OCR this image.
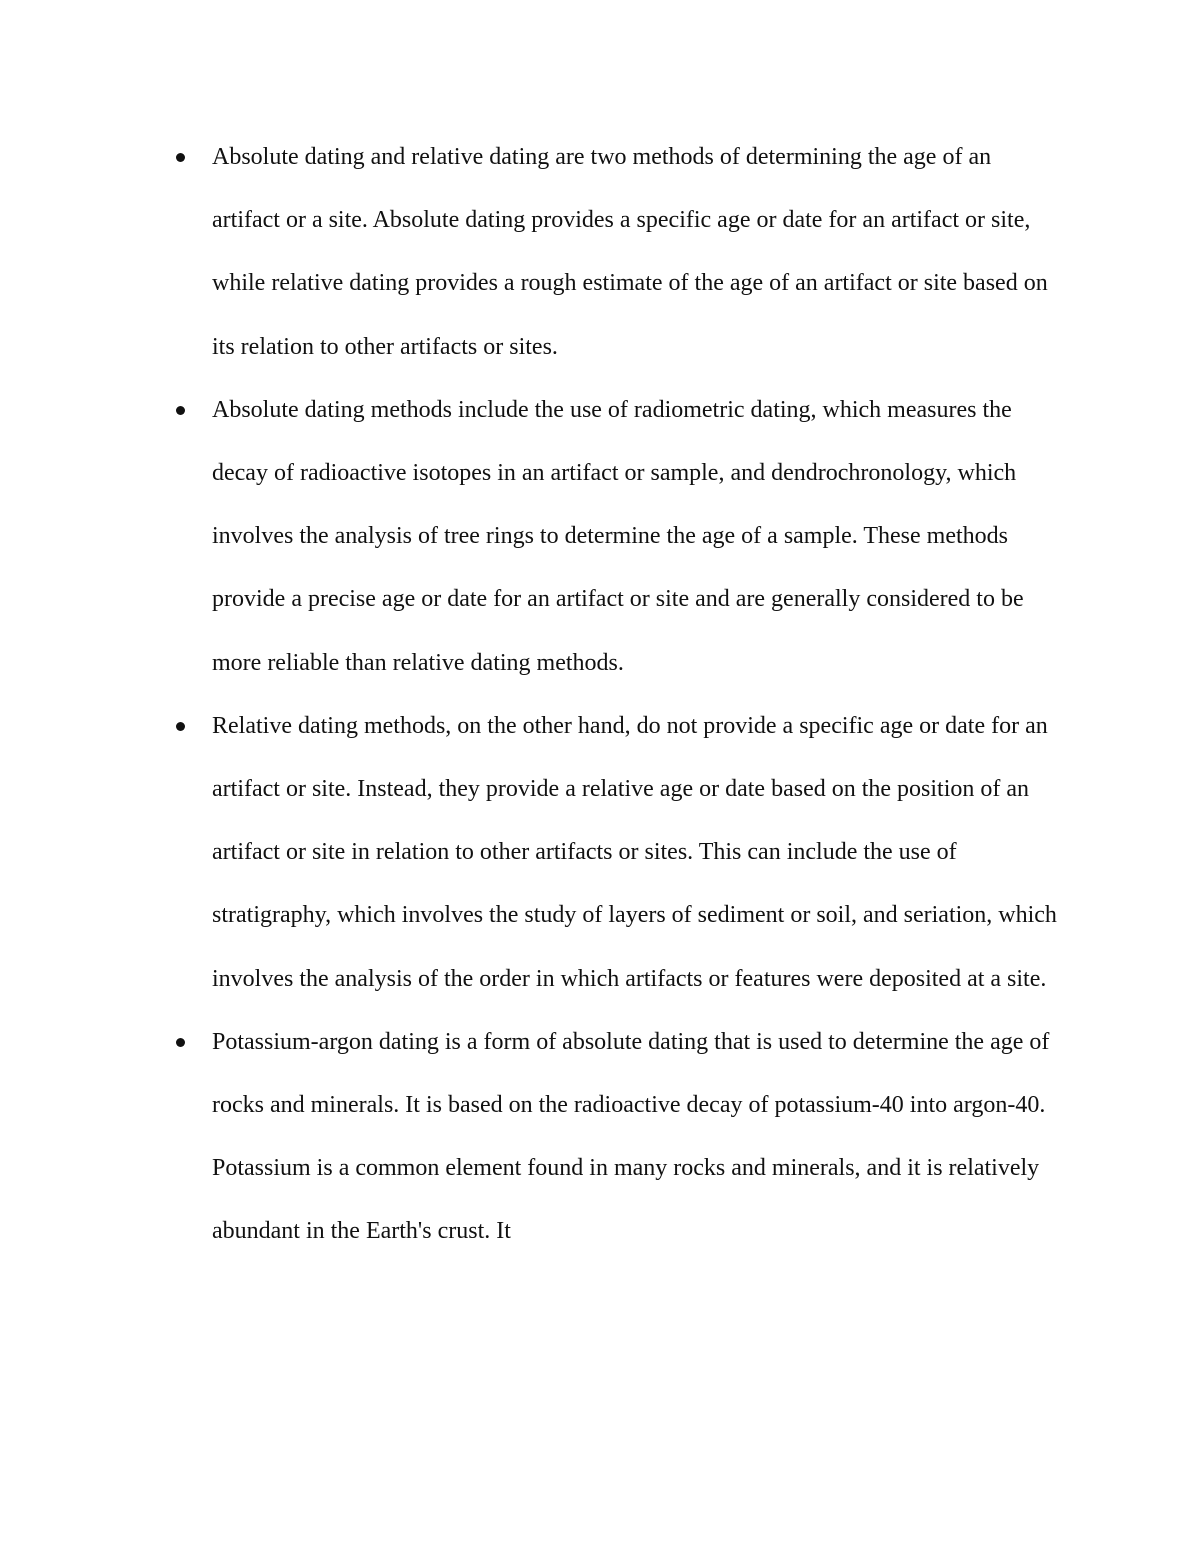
Absolute dating and relative dating are two methods of determining the age of an artifact or a site. Absolute dating provides a specific age or date for an artifact or site, while relative dating provides a rough estimate of the age of an artifact or site based on its relation to other artifacts or sites.
Absolute dating methods include the use of radiometric dating, which measures the decay of radioactive isotopes in an artifact or sample, and dendrochronology, which involves the analysis of tree rings to determine the age of a sample. These methods provide a precise age or date for an artifact or site and are generally considered to be more reliable than relative dating methods.
Relative dating methods, on the other hand, do not provide a specific age or date for an artifact or site. Instead, they provide a relative age or date based on the position of an artifact or site in relation to other artifacts or sites. This can include the use of stratigraphy, which involves the study of layers of sediment or soil, and seriation, which involves the analysis of the order in which artifacts or features were deposited at a site.
Potassium-argon dating is a form of absolute dating that is used to determine the age of rocks and minerals. It is based on the radioactive decay of potassium-40 into argon-40. Potassium is a common element found in many rocks and minerals, and it is relatively abundant in the Earth's crust. It
